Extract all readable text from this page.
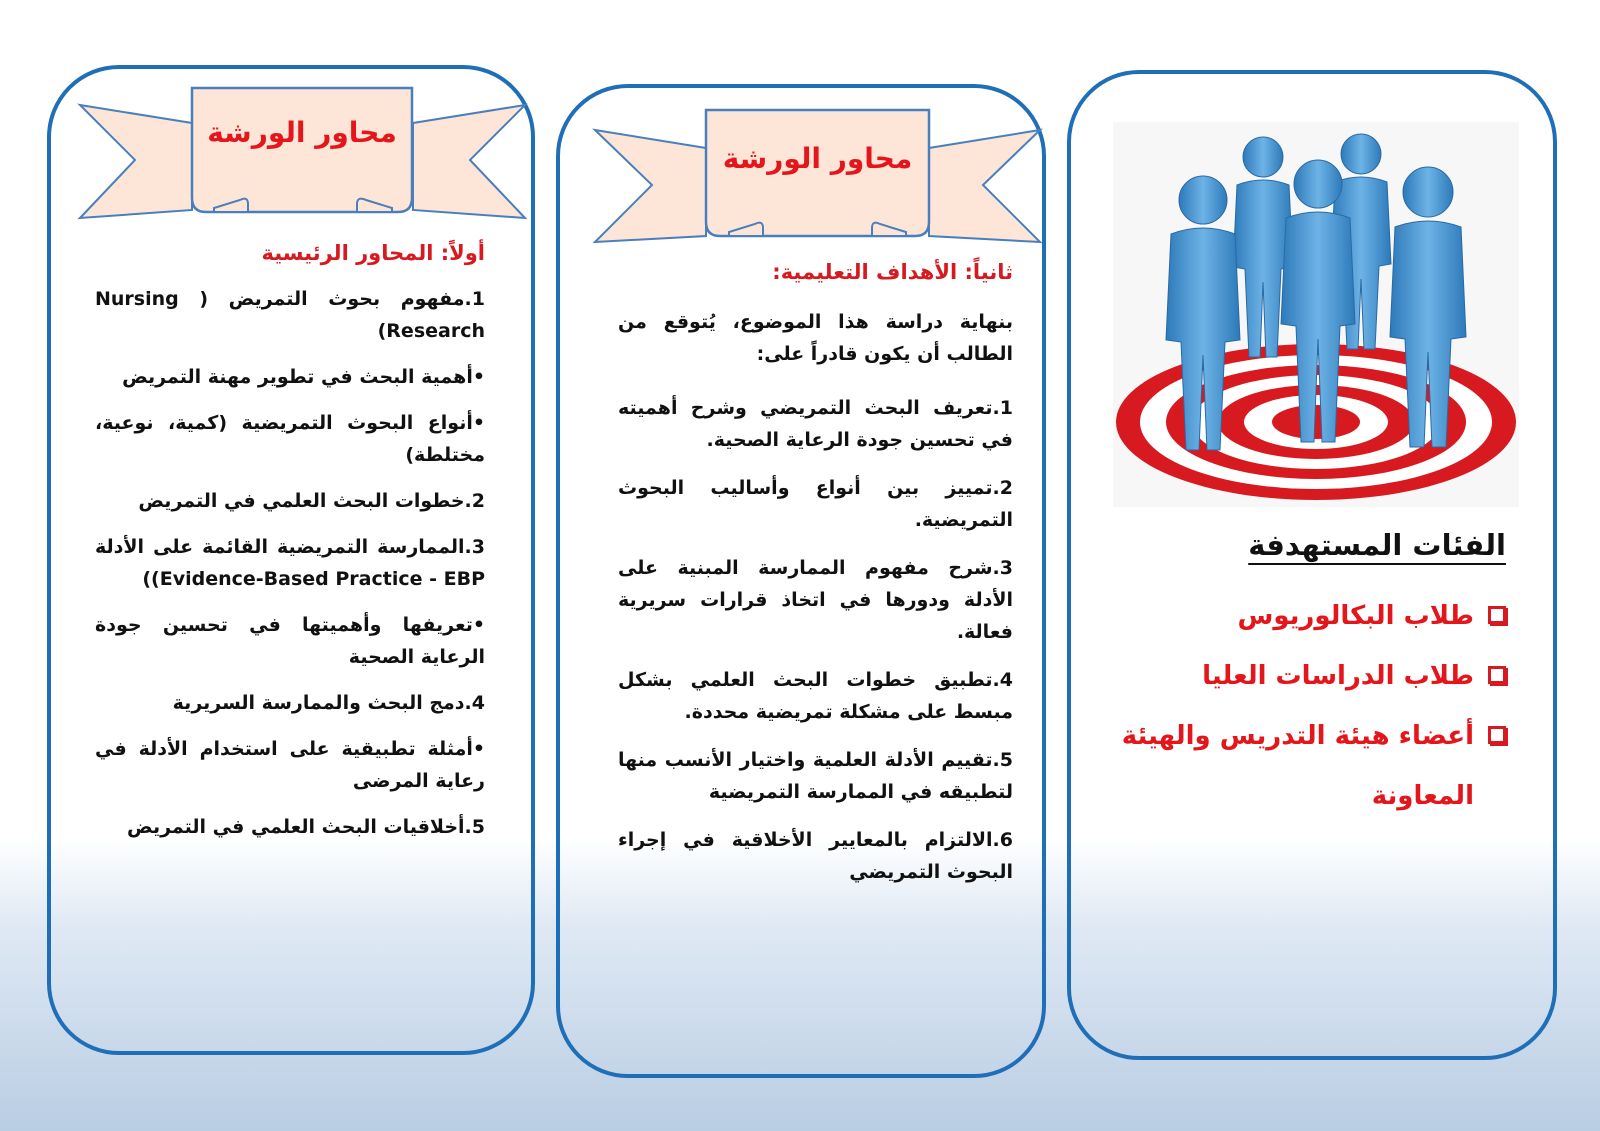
محاور الورشة
محاور الورشة

أولاً: المحاور الرئيسية

1.مفهوم بحوث التمريض ( Nursing Research)

•أهمية البحث في تطوير مهنة التمريض

•أنواع البحوث التمريضية (كمية، نوعية، مختلطة)

2.خطوات البحث العلمي في التمريض

3.الممارسة التمريضية القائمة على الأدلة Evidence-Based Practice - EBP))

•تعريفها وأهميتها في تحسين جودة الرعاية الصحية

4.دمج البحث والممارسة السريرية

•أمثلة تطبيقية على استخدام الأدلة في رعاية المرضى

5.أخلاقيات البحث العلمي في التمريض

ثانياً: الأهداف التعليمية:

بنهاية دراسة هذا الموضوع، يُتوقع من الطالب أن يكون قادراً على:

1.تعريف البحث التمريضي وشرح أهميته في تحسين جودة الرعاية الصحية.

2.تمييز بين أنواع وأساليب البحوث التمريضية.

3.شرح مفهوم الممارسة المبنية على الأدلة ودورها في اتخاذ قرارات سريرية فعالة.

4.تطبيق خطوات البحث العلمي بشكل مبسط على مشكلة تمريضية محددة.

5.تقييم الأدلة العلمية واختيار الأنسب منها لتطبيقه في الممارسة التمريضية

6.الالتزام بالمعايير الأخلاقية في إجراء البحوث التمريضي

الفئات المستهدفة

طلاب البكالوريوس
طلاب الدراسات العليا
أعضاء هيئة التدريس والهيئة المعاونة
